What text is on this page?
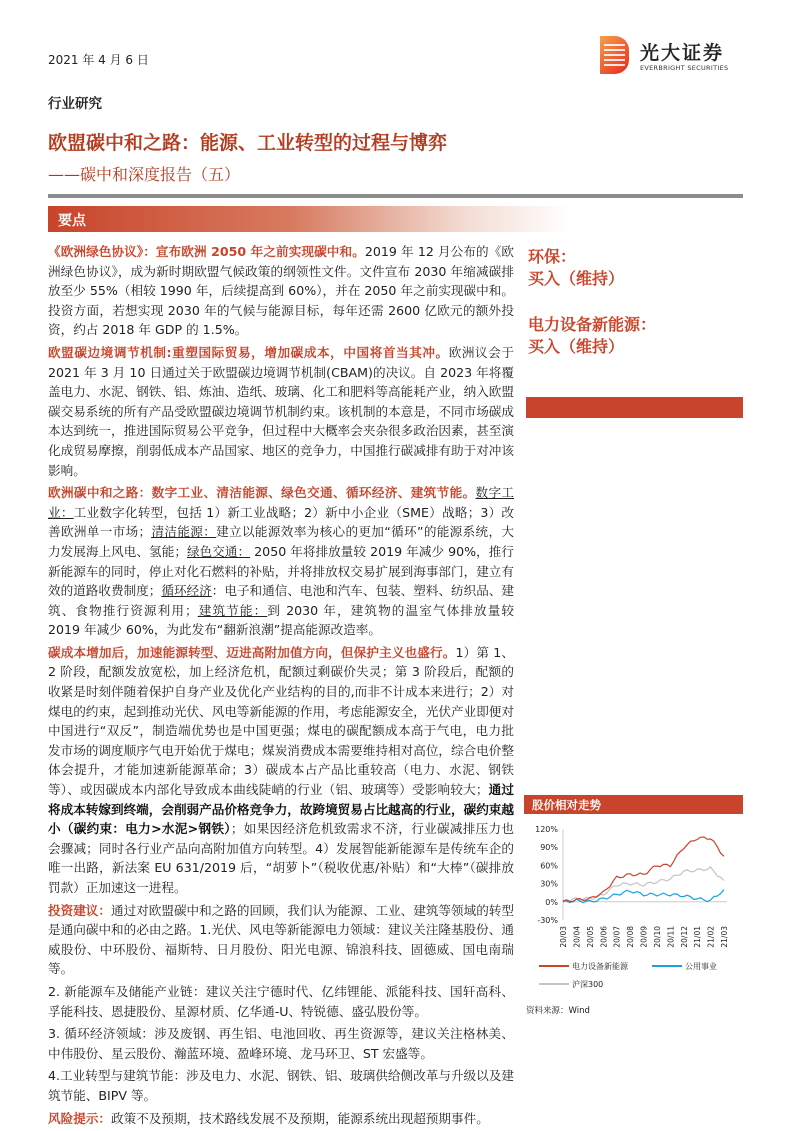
2021 年 4 月 6 日	光大证券
EVERBRIGHT SECURITIES
行业研究
欧盟碳中和之路：能源、工业转型的过程与博弈
——碳中和深度报告（五）
要点

《欧洲绿色协议》：宣布欧洲 2050 年之前实现碳中和。2019 年 12 月公布的《欧洲绿色协议》，成为新时期欧盟气候政策的纲领性文件。文件宣布 2030 年缩减碳排放至少 55%（相较 1990 年，后续提高到 60%），并在 2050 年之前实现碳中和。投资方面，若想实现 2030 年的气候与能源目标，每年还需 2600 亿欧元的额外投资，约占 2018 年 GDP 的 1.5%。

欧盟碳边境调节机制:重塑国际贸易，增加碳成本，中国将首当其冲。欧洲议会于 2021 年 3 月 10 日通过关于欧盟碳边境调节机制(CBAM)的决议。自 2023 年将覆盖电力、水泥、钢铁、铝、炼油、造纸、玻璃、化工和肥料等高能耗产业，纳入欧盟碳交易系统的所有产品受欧盟碳边境调节机制约束。该机制的本意是，不同市场碳成本达到统一，推进国际贸易公平竞争，但过程中大概率会夹杂很多政治因素，甚至演化成贸易摩擦，削弱低成本产品国家、地区的竞争力，中国推行碳减排有助于对冲该影响。

欧洲碳中和之路：数字工业、清洁能源、绿色交通、循环经济、建筑节能。数字工业：工业数字化转型，包括 1）新工业战略；2）新中小企业（SME）战略；3）改善欧洲单一市场；清洁能源：建立以能源效率为核心的更加“循环”的能源系统，大力发展海上风电、氢能；绿色交通： 2050 年将排放量较 2019 年减少 90%，推行新能源车的同时，停止对化石燃料的补贴，并将排放权交易扩展到海事部门，建立有效的道路收费制度；循环经济：电子和通信、电池和汽车、包装、塑料、纺织品、建筑、食物推行资源利用；建筑节能：到 2030 年，建筑物的温室气体排放量较 2019 年减少 60%，为此发布“翻新浪潮”提高能源改造率。

碳成本增加后，加速能源转型、迈进高附加值方向，但保护主义也盛行。1）第 1、2 阶段，配额发放宽松，加上经济危机，配额过剩碳价失灵；第 3 阶段后，配额的收紧是时刻伴随着保护自身产业及优化产业结构的目的,而非不计成本来进行；2）对煤电的约束，起到推动光伏、风电等新能源的作用，考虑能源安全，光伏产业即便对中国进行“双反”，制造端优势也是中国更强；煤电的碳配额成本高于气电，电力批发市场的调度顺序气电开始优于煤电；煤炭消费成本需要维持相对高位，综合电价整体会提升，才能加速新能源革命；3）碳成本占产品比重较高（电力、水泥、钢铁等）、或因碳成本内部化导致成本曲线陡峭的行业（铝、玻璃等）受影响较大；通过将成本转嫁到终端，会削弱产品价格竞争力，故跨境贸易占比越高的行业，碳约束越小（碳约束：电力>水泥>钢铁）；如果因经济危机致需求不济，行业碳减排压力也会骤减；同时各行业产品向高附加值方向转型。4）发展智能新能源车是传统车企的唯一出路，新法案 EU 631/2019 后，“胡萝卜”（税收优惠/补贴）和“大棒”（碳排放罚款）正加速这一进程。

投资建议：通过对欧盟碳中和之路的回顾，我们认为能源、工业、建筑等领域的转型是通向碳中和的必由之路。1.光伏、风电等新能源电力领域：建议关注隆基股份、通威股份、中环股份、福斯特、日月股份、阳光电源、锦浪科技、固德威、国电南瑞等。

2. 新能源车及储能产业链：建议关注宁德时代、亿纬锂能、派能科技、国轩高科、孚能科技、恩捷股份、星源材质、亿华通-U、特锐德、盛弘股份等。

3. 循环经济领域：涉及废钢、再生铝、电池回收、再生资源等，建议关注格林美、中伟股份、星云股份、瀚蓝环境、盈峰环境、龙马环卫、ST 宏盛等。

4.工业转型与建筑节能：涉及电力、水泥、钢铁、铝、玻璃供给侧改革与升级以及建筑节能、BIPV 等。

风险提示：政策不及预期，技术路线发展不及预期，能源系统出现超预期事件。

环保：
买入（维持）
电力设备新能源：
买入（维持）
股价相对走势
-30%
0%
30%
60%
90%
120%
20/03 20/04 20/05 20/06 20/07 20/08 20/09 20/10 20/11 20/12 21/01 21/02 21/03
电力设备新能源	公用事业
沪深300
资料来源：Wind
